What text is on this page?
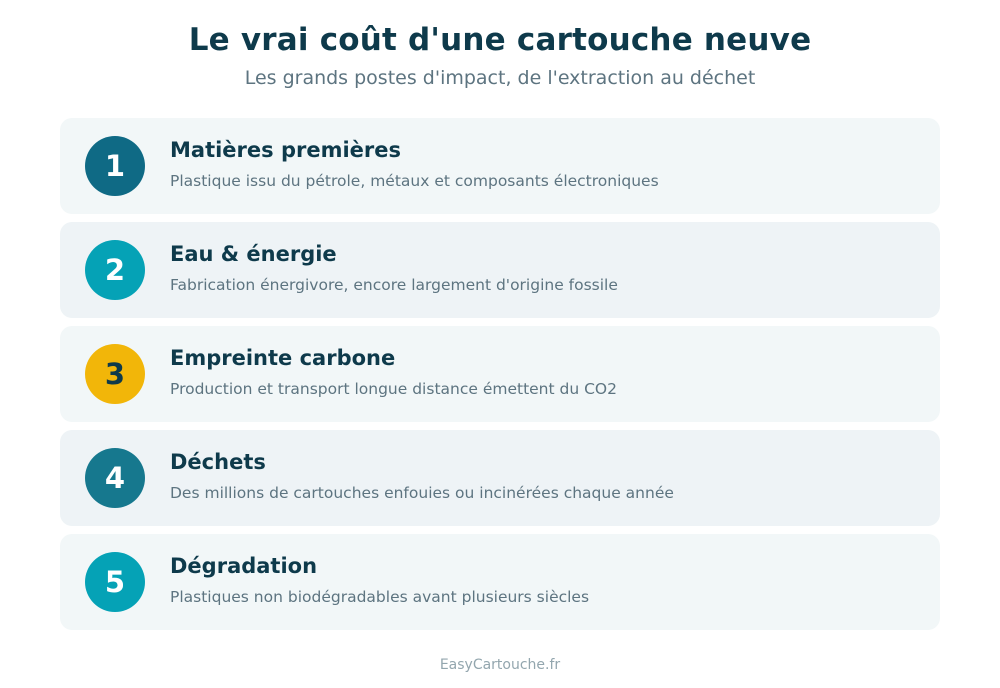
Le vrai coût d'une cartouche neuve
Les grands postes d'impact, de l'extraction au déchet
1	Matières premières
Plastique issu du pétrole, métaux et composants électroniques
2	Eau & énergie
Fabrication énergivore, encore largement d'origine fossile
3	Empreinte carbone
Production et transport longue distance émettent du CO2
4	Déchets
Des millions de cartouches enfouies ou incinérées chaque année
5	Dégradation
Plastiques non biodégradables avant plusieurs siècles
EasyCartouche.fr
